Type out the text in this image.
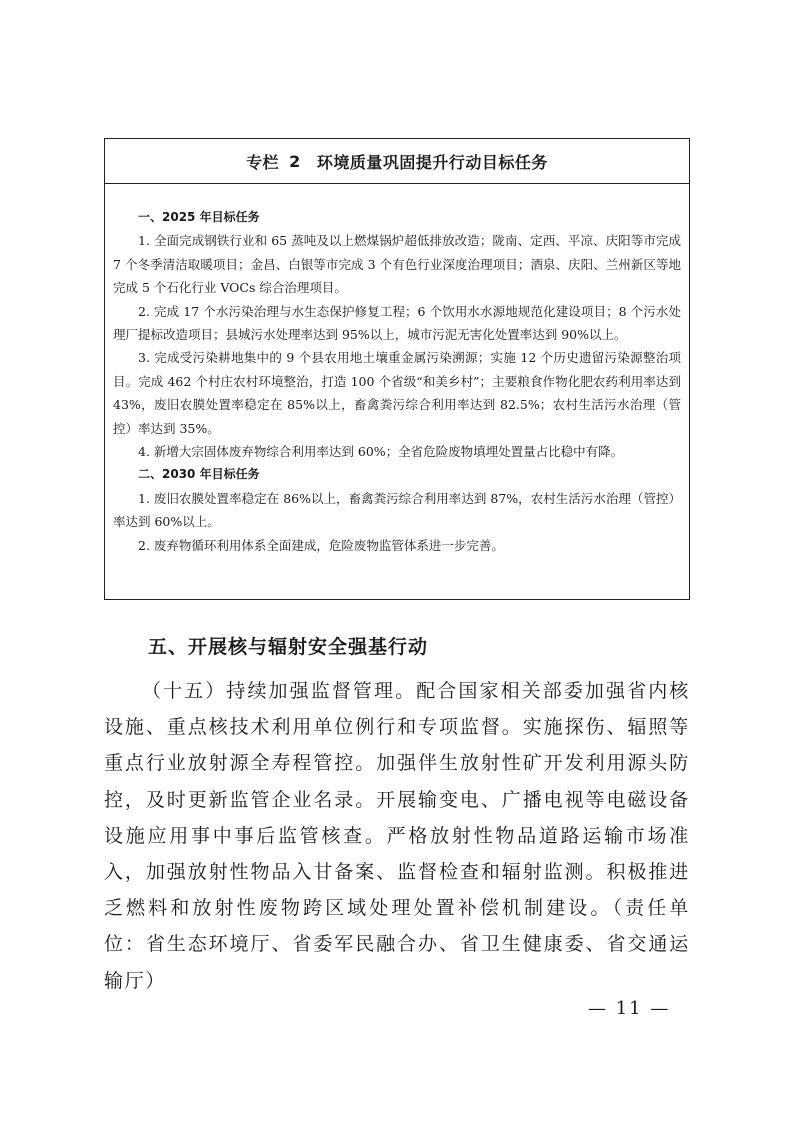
专栏 2 环境质量巩固提升行动目标任务
一、2025 年目标任务

1. 全面完成钢铁行业和 65 蒸吨及以上燃煤锅炉超低排放改造；陇南、定西、平凉、庆阳等市完成 7 个冬季清洁取暖项目；金昌、白银等市完成 3 个有色行业深度治理项目；酒泉、庆阳、兰州新区等地完成 5 个石化行业 VOCs 综合治理项目。

2. 完成 17 个水污染治理与水生态保护修复工程；6 个饮用水水源地规范化建设项目；8 个污水处理厂提标改造项目；县城污水处理率达到 95%以上，城市污泥无害化处置率达到 90%以上。

3. 完成受污染耕地集中的 9 个县农用地土壤重金属污染溯源；实施 12 个历史遗留污染源整治项目。完成 462 个村庄农村环境整治，打造 100 个省级“和美乡村”；主要粮食作物化肥农药利用率达到 43%，废旧农膜处置率稳定在 85%以上，畜禽粪污综合利用率达到 82.5%；农村生活污水治理（管控）率达到 35%。

4. 新增大宗固体废弃物综合利用率达到 60%；全省危险废物填埋处置量占比稳中有降。

二、2030 年目标任务

1. 废旧农膜处置率稳定在 86%以上，畜禽粪污综合利用率达到 87%，农村生活污水治理（管控）率达到 60%以上。

2. 废弃物循环利用体系全面建成，危险废物监管体系进一步完善。

五、开展核与辐射安全强基行动

（十五）持续加强监督管理。配合国家相关部委加强省内核设施、重点核技术利用单位例行和专项监督。实施探伤、辐照等重点行业放射源全寿程管控。加强伴生放射性矿开发利用源头防控，及时更新监管企业名录。开展输变电、广播电视等电磁设备设施应用事中事后监管核查。严格放射性物品道路运输市场准入，加强放射性物品入甘备案、监督检查和辐射监测。积极推进乏燃料和放射性废物跨区域处理处置补偿机制建设。（责任单位：省生态环境厅、省委军民融合办、省卫生健康委、省交通运输厅）

— 11 —
